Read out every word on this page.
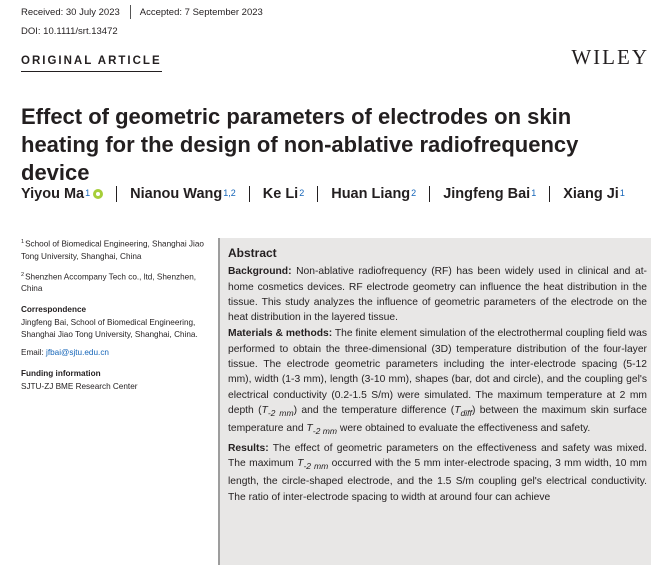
Received: 30 July 2023 Accepted: 7 September 2023
DOI: 10.1111/srt.13472
ORIGINAL ARTICLE	WILEY
Effect of geometric parameters of electrodes on skin heating for the design of non-ablative radiofrequency device
Yiyou Ma$^1$	Nianou Wang$^{1,2}$ Ke Li$^2$ Huan Liang$^2$ Jingfeng Bai$^1$ Xiang Ji$^1$

$^1$School of Biomedical Engineering, Shanghai Jiao Tong University, Shanghai, China

$^2$Shenzhen Accompany Tech co., ltd, Shenzhen, China

Correspondence

Jingfeng Bai, School of Biomedical Engineering, Shanghai Jiao Tong University, Shanghai, China.

Email: jfbai@sjtu.edu.cn

Funding information

SJTU-ZJ BME Research Center

Abstract

Background: Non-ablative radiofrequency (RF) has been widely used in clinical and at-home cosmetics devices. RF electrode geometry can influence the heat distribution in the tissue. This study analyzes the influence of geometric parameters of the electrode on the heat distribution in the layered tissue.

Materials & methods: The finite element simulation of the electrothermal coupling field was performed to obtain the three-dimensional (3D) temperature distribution of the four-layer tissue. The electrode geometric parameters including the inter-electrode spacing (5-12 mm), width (1-3 mm), length (3-10 mm), shapes (bar, dot and circle), and the coupling gel's electrical conductivity (0.2-1.5 S/m) were simulated. The maximum temperature at 2 mm depth $(T_{-2 mm})$ and the temperature difference $(T_{diff})$ between the maximum skin surface temperature and $T_{-2 mm}$ were obtained to evaluate the effectiveness and safety.

Results: The effect of geometric parameters on the effectiveness and safety was mixed. The maximum $T_{-2 mm}$ occurred with the 5 mm inter-electrode spacing, 3 mm width, 10 mm length, the circle-shaped electrode, and the 1.5 S/m coupling gel's electrical conductivity. The ratio of inter-electrode spacing to width at around four can achieve
